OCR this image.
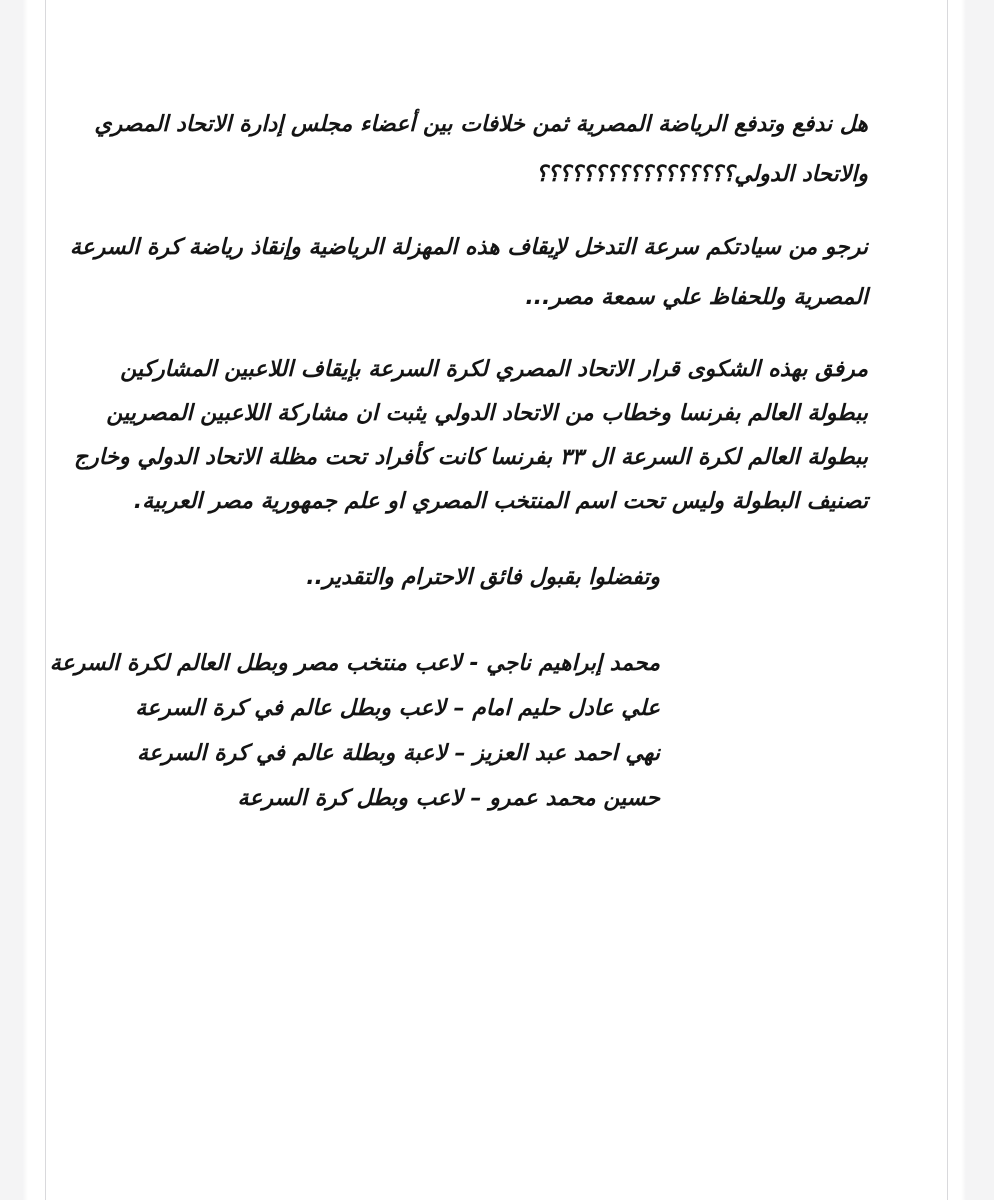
هل ندفع وتدفع الرياضة المصرية ثمن خلافات بين أعضاء مجلس إدارة الاتحاد المصري
والاتحاد الدولي؟؟؟؟؟؟؟؟؟؟؟؟؟؟؟؟؟
نرجو من سيادتكم سرعة التدخل لإيقاف هذه المهزلة الرياضية وإنقاذ رياضة كرة السرعة
المصرية وللحفاظ علي سمعة مصر...
مرفق بهذه الشكوى قرار الاتحاد المصري لكرة السرعة بإيقاف اللاعبين المشاركين
ببطولة العالم بفرنسا وخطاب من الاتحاد الدولي يثبت ان مشاركة اللاعبين المصريين
ببطولة العالم لكرة السرعة ال ٣٣ بفرنسا كانت كأفراد تحت مظلة الاتحاد الدولي وخارج
تصنيف البطولة وليس تحت اسم المنتخب المصري او علم جمهورية مصر العربية.
وتفضلوا بقبول فائق الاحترام والتقدير..
محمد إبراهيم ناجي - لاعب منتخب مصر وبطل العالم لكرة السرعة
علي عادل حليم امام – لاعب وبطل عالم في كرة السرعة
نهي احمد عبد العزيز – لاعبة وبطلة عالم في كرة السرعة
حسين محمد عمرو – لاعب وبطل كرة السرعة
